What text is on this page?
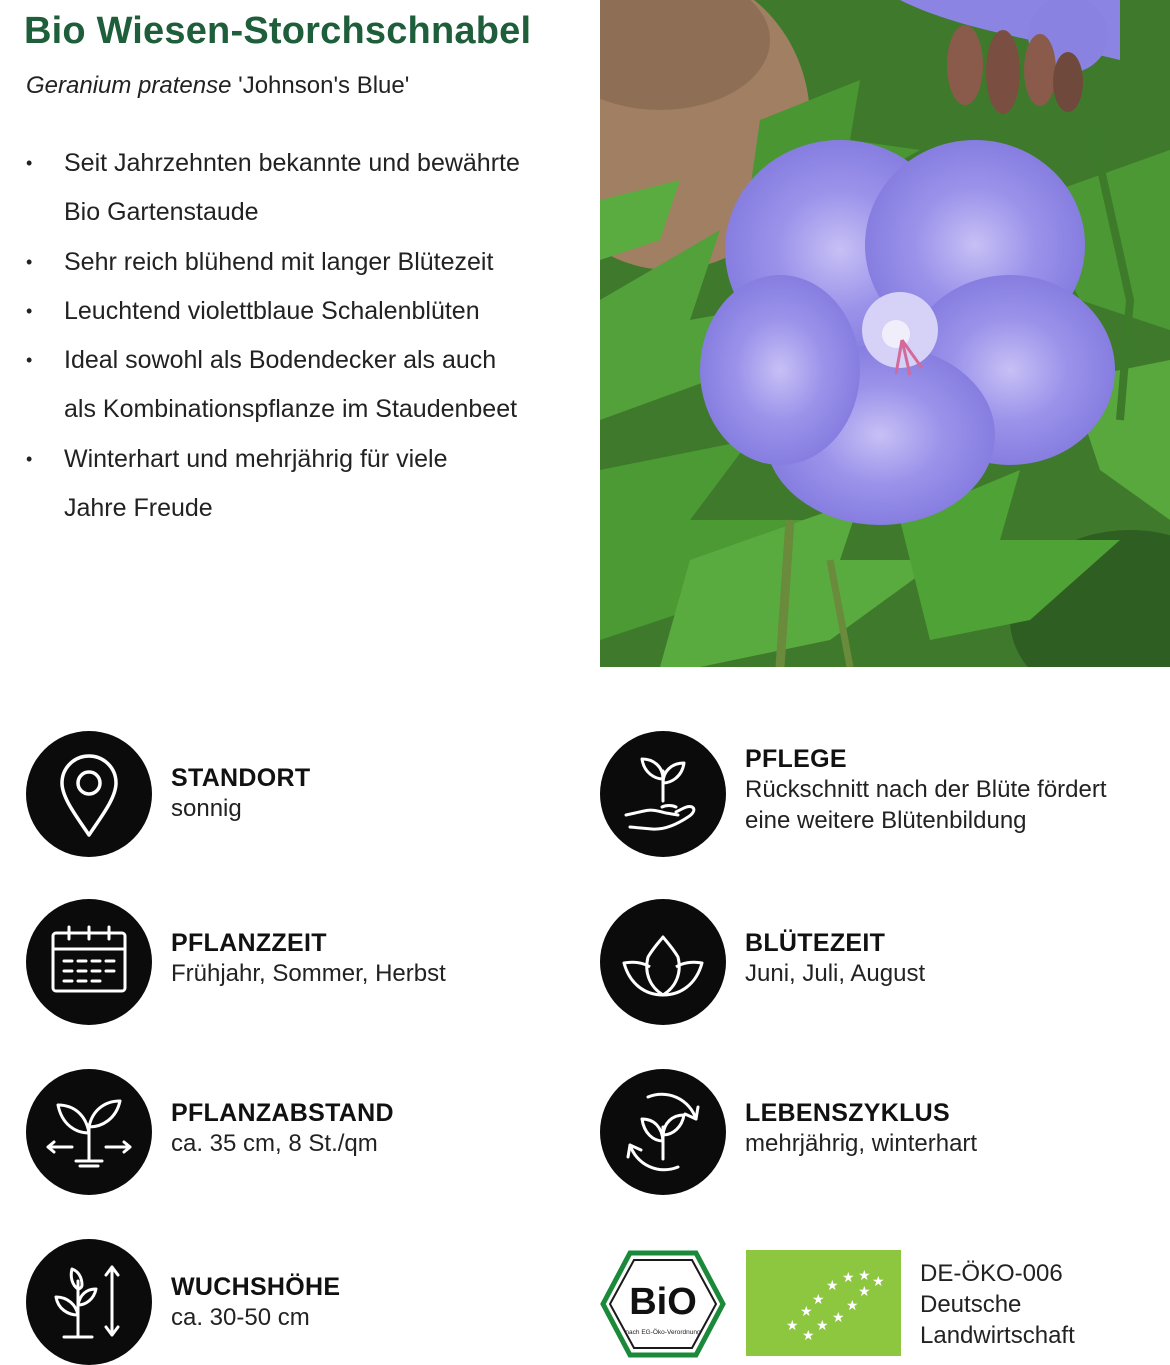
Bio Wiesen-Storchschnabel
Geranium pratense 'Johnson's Blue'
• Seit Jahrzehnten bekannte und bewährte
Bio Gartenstaude
• Sehr reich blühend mit langer Blütezeit
• Leuchtend violettblaue Schalenblüten
• Ideal sowohl als Bodendecker als auch
als Kombinationspflanze im Staudenbeet
• Winterhart und mehrjährig für viele
Jahre Freude
STANDORT
sonnig
PFLEGE
Rückschnitt nach der Blüte fördert
eine weitere Blütenbildung
PFLANZZEIT
Frühjahr, Sommer, Herbst
BLÜTEZEIT
Juni, Juli, August
PFLANZABSTAND
ca. 35 cm, 8 St./qm
LEBENSZYKLUS
mehrjährig, winterhart
WUCHSHÖHE
ca. 30-50 cm	BiO
nach EG-Öko-Verordnung	★
★
★
★ ★ ★
★ ★
★
★
★
★ DE-ÖKO-006
Deutsche
Landwirtschaft
